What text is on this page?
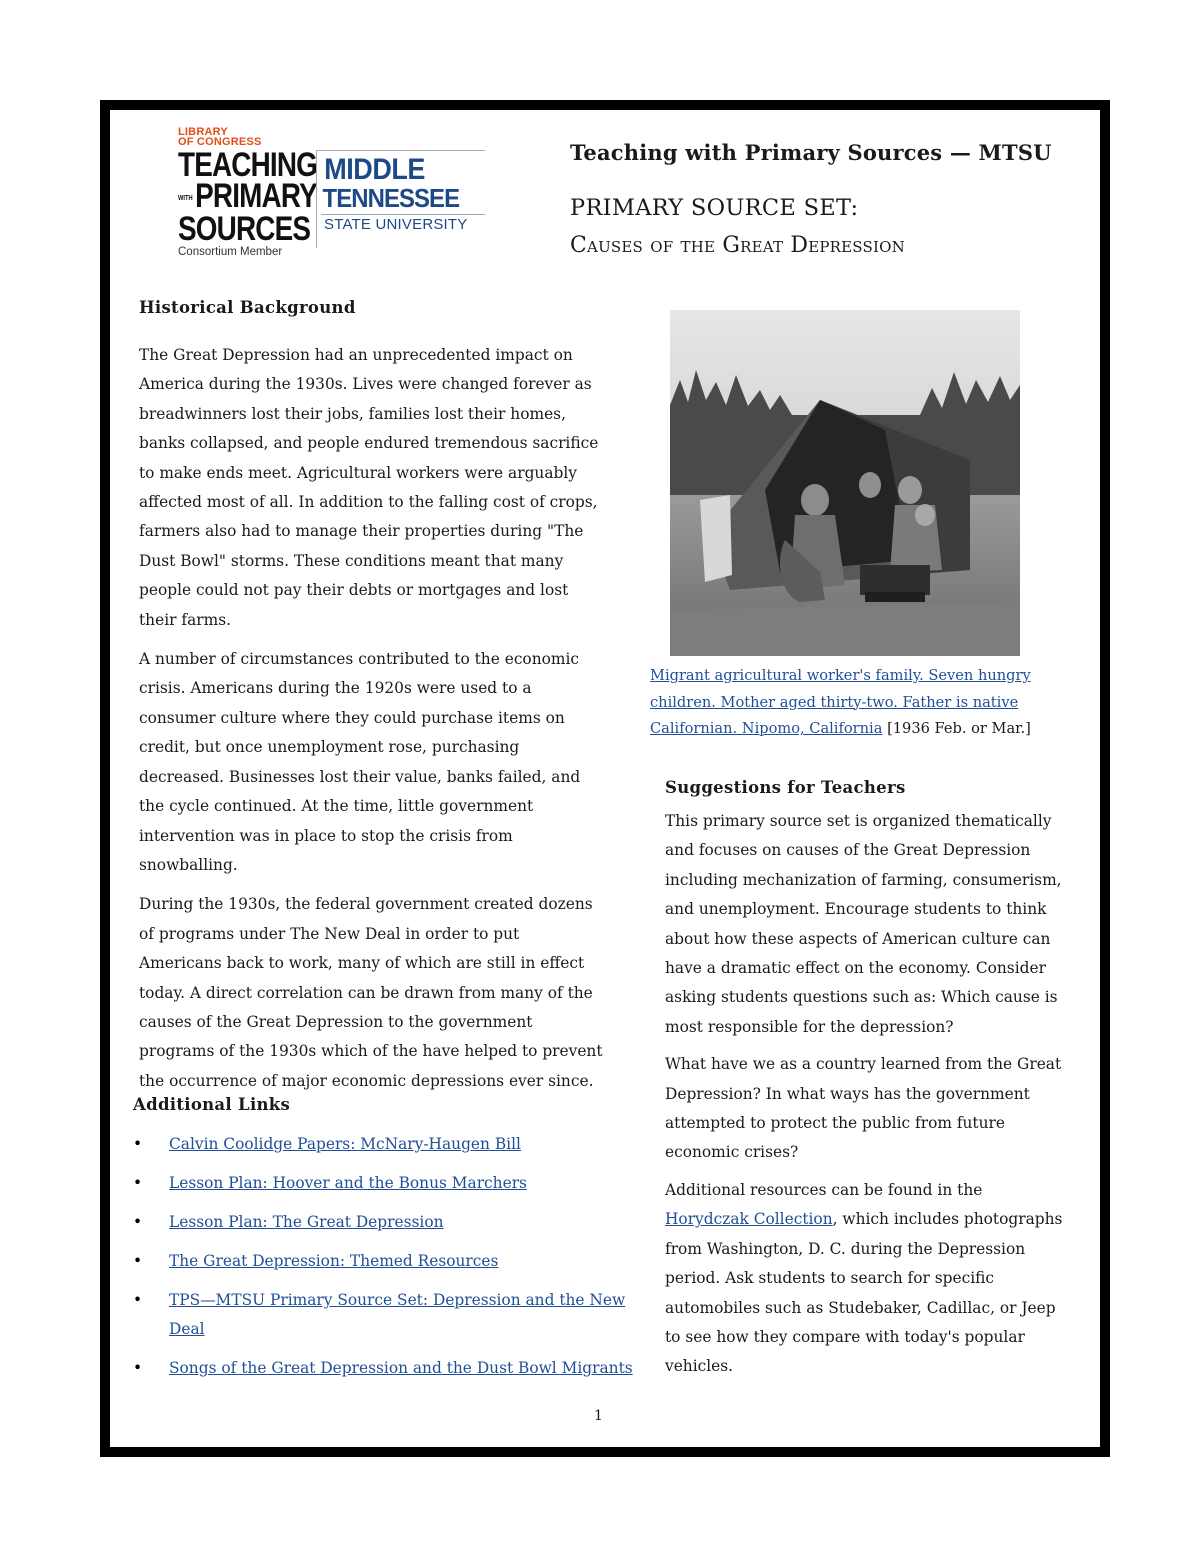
LIBRARY
OF CONGRESS
TEACHING
WITHPRIMARY
SOURCES
Consortium Member
MIDDLE
TENNESSEE
STATE UNIVERSITY
Teaching with Primary Sources — MTSU
PRIMARY SOURCE SET:
Causes of the Great Depression
Historical Background

The Great Depression had an unprecedented impact on America during the 1930s. Lives were changed forever as breadwinners lost their jobs, families lost their homes, banks collapsed, and people endured tremendous sacrifice to make ends meet. Agricultural workers were arguably affected most of all. In addition to the falling cost of crops, farmers also had to manage their properties during "The Dust Bowl" storms. These conditions meant that many people could not pay their debts or mortgages and lost their farms.

A number of circumstances contributed to the economic crisis. Americans during the 1920s were used to a consumer culture where they could purchase items on credit, but once unemployment rose, purchasing decreased. Businesses lost their value, banks failed, and the cycle continued. At the time, little government intervention was in place to stop the crisis from snowballing.

During the 1930s, the federal government created dozens of programs under The New Deal in order to put Americans back to work, many of which are still in effect today. A direct correlation can be drawn from many of the causes of the Great Depression to the government programs of the 1930s which of the have helped to prevent the occurrence of major economic depressions ever since.

Additional Links
• Calvin Coolidge Papers: McNary-Haugen Bill
• Lesson Plan: Hoover and the Bonus Marchers
• Lesson Plan: The Great Depression
• The Great Depression: Themed Resources
• TPS—MTSU Primary Source Set: Depression and the New Deal
• Songs of the Great Depression and the Dust Bowl Migrants
Migrant agricultural worker's family. Seven hungry children. Mother aged thirty-two. Father is native Californian. Nipomo, California [1936 Feb. or Mar.]
Suggestions for Teachers

This primary source set is organized thematically and focuses on causes of the Great Depression including mechanization of farming, consumerism, and unemployment. Encourage students to think about how these aspects of American culture can have a dramatic effect on the economy. Consider asking students questions such as: Which cause is most responsible for the depression?

What have we as a country learned from the Great Depression? In what ways has the government attempted to protect the public from future economic crises?

Additional resources can be found in the Horydczak Collection, which includes photographs from Washington, D. C. during the Depression period. Ask students to search for specific automobiles such as Studebaker, Cadillac, or Jeep to see how they compare with today's popular vehicles.

1
